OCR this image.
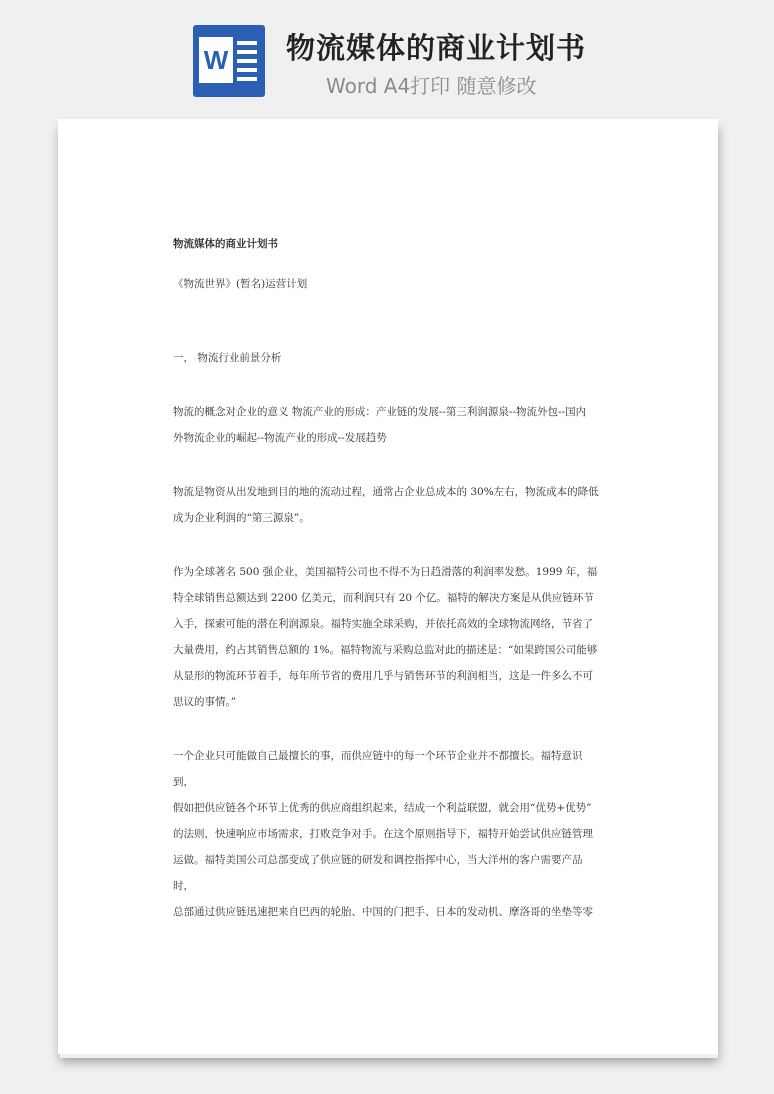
W 物流媒体的商业计划书
Word A4打印 随意修改

物流媒体的商业计划书

《物流世界》(暂名)运营计划

一， 物流行业前景分析

物流的概念对企业的意义 物流产业的形成：产业链的发展--第三利润源泉--物流外包--国内

外物流企业的崛起--物流产业的形成--发展趋势

物流是物资从出发地到目的地的流动过程，通常占企业总成本的 30%左右，物流成本的降低

成为企业利润的“第三源泉”。

作为全球著名 500 强企业，美国福特公司也不得不为日趋滑落的利润率发愁。1999 年，福

特全球销售总额达到 2200 亿美元，而利润只有 20 个亿。福特的解决方案是从供应链环节

入手，探索可能的潜在利润源泉。福特实施全球采购，并依托高效的全球物流网络，节省了

大量费用，约占其销售总额的 1%。福特物流与采购总监对此的描述是：“如果跨国公司能够

从显形的物流环节着手，每年所节省的费用几乎与销售环节的利润相当，这是一件多么不可

思议的事情。”

一个企业只可能做自己最擅长的事，而供应链中的每一个环节企业并不都擅长。福特意识到，

假如把供应链各个环节上优秀的供应商组织起来，结成一个利益联盟，就会用“优势+优势”

的法则，快速响应市场需求，打败竞争对手。在这个原则指导下，福特开始尝试供应链管理

运做。福特美国公司总部变成了供应链的研发和调控指挥中心，当大洋州的客户需要产品时，

总部通过供应链迅速把来自巴西的轮胎、中国的门把手、日本的发动机、摩洛哥的坐垫等零
